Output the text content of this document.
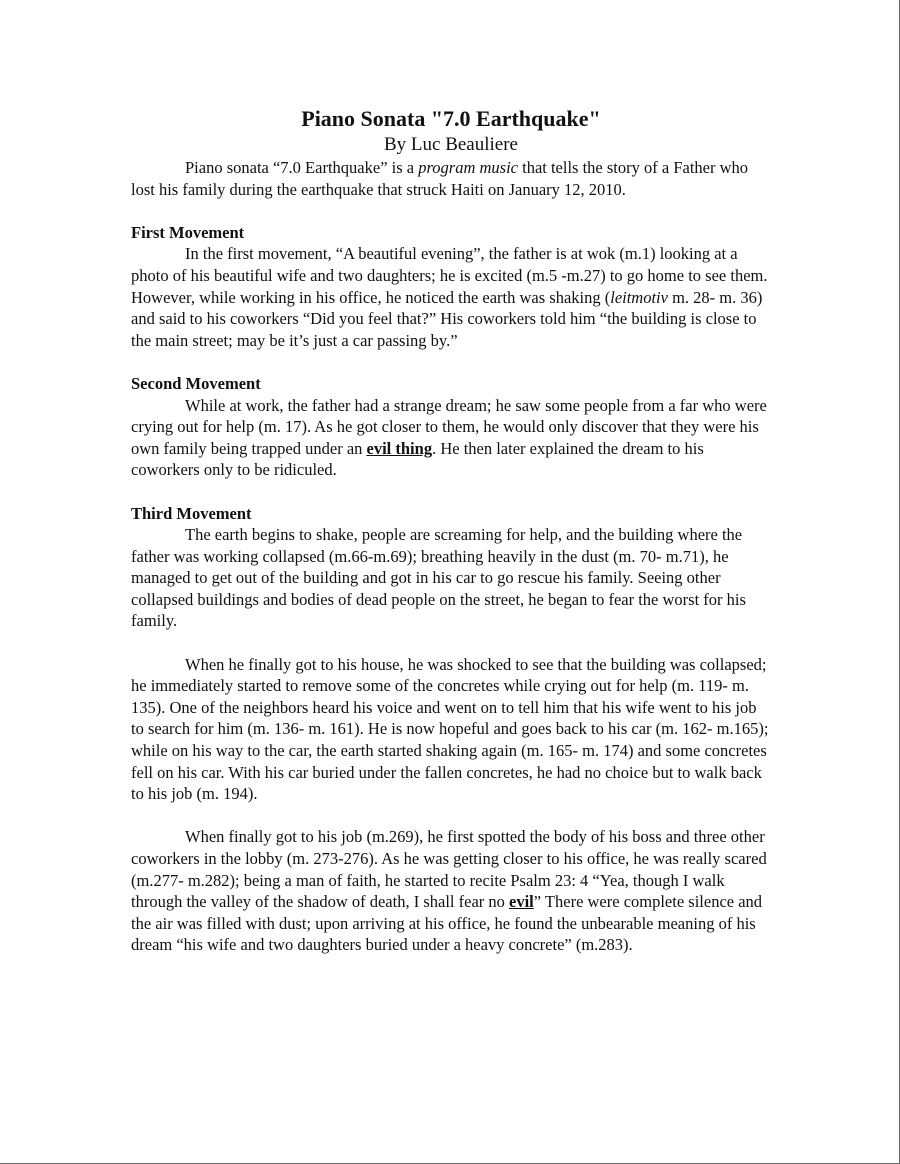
Piano Sonata "7.0 Earthquake"

By Luc Beauliere

Piano sonata “7.0 Earthquake” is a program music that tells the story of a Father who lost his family during the earthquake that struck Haiti on January 12, 2010.

First Movement

In the first movement, “A beautiful evening”, the father is at wok (m.1) looking at a photo of his beautiful wife and two daughters; he is excited (m.5 -m.27) to go home to see them. However, while working in his office, he noticed the earth was shaking (leitmotiv m. 28- m. 36) and said to his coworkers “Did you feel that?” His coworkers told him “the building is close to the main street; may be it’s just a car passing by.”

Second Movement

While at work, the father had a strange dream; he saw some people from a far who were crying out for help (m. 17). As he got closer to them, he would only discover that they were his own family being trapped under an evil thing. He then later explained the dream to his coworkers only to be ridiculed.

Third Movement

The earth begins to shake, people are screaming for help, and the building where the father was working collapsed (m.66-m.69); breathing heavily in the dust (m. 70- m.71), he managed to get out of the building and got in his car to go rescue his family. Seeing other collapsed buildings and bodies of dead people on the street, he began to fear the worst for his family.

When he finally got to his house, he was shocked to see that the building was collapsed; he immediately started to remove some of the concretes while crying out for help (m. 119- m. 135). One of the neighbors heard his voice and went on to tell him that his wife went to his job to search for him (m. 136- m. 161). He is now hopeful and goes back to his car (m. 162- m.165); while on his way to the car, the earth started shaking again (m. 165- m. 174) and some concretes fell on his car. With his car buried under the fallen concretes, he had no choice but to walk back to his job (m. 194).

When finally got to his job (m.269), he first spotted the body of his boss and three other coworkers in the lobby (m. 273-276). As he was getting closer to his office, he was really scared (m.277- m.282); being a man of faith, he started to recite Psalm 23: 4 “Yea, though I walk through the valley of the shadow of death, I shall fear no evil” There were complete silence and the air was filled with dust; upon arriving at his office, he found the unbearable meaning of his dream “his wife and two daughters buried under a heavy concrete” (m.283).
